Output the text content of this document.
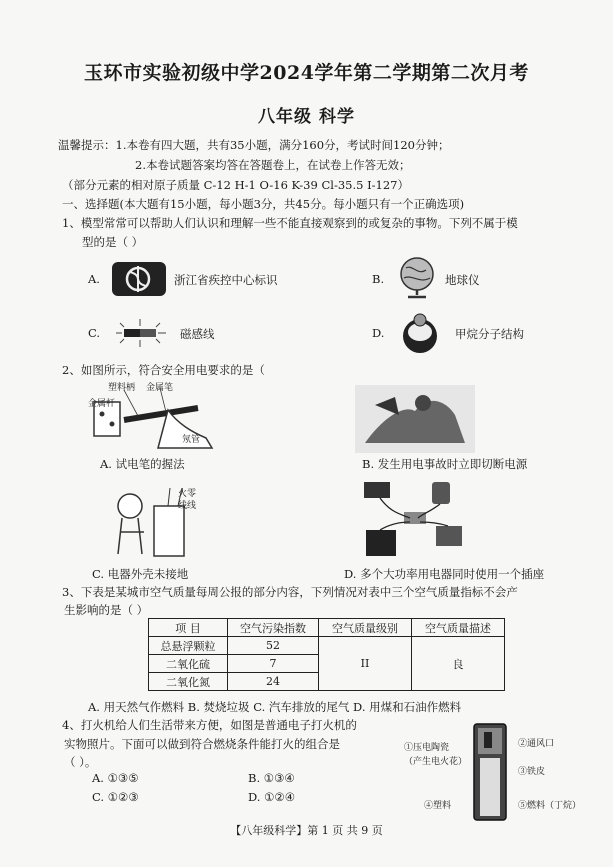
玉环市实验初级中学2024学年第二学期第二次月考
八年级 科学
温馨提示：1.本卷有四大题，共有35小题，满分160分，考试时间120分钟；
2.本卷试题答案均答在答题卷上，在试卷上作答无效；
（部分元素的相对原子质量 C-12 H-1 O-16 K-39 Cl-35.5 I-127）
一、选择题(本大题有15小题，每小题3分，共45分。每小题只有一个正确选项)
1、模型常常可以帮助人们认识和理解一些不能直接观察到的或复杂的事物。下列不属于模
型的是（ ）
A.	浙江省疾控中心标识	B.	地球仪
C.	磁感线	D.	甲烷分子结构
2、如图所示，符合安全用电要求的是（
塑料柄 金属笔
金属杆
氖管
A. 试电笔的握法	B. 发生用电事故时立即切断电源
火零
线线
C. 电器外壳未接地	D. 多个大功率用电器同时使用一个插座
3、下表是某城市空气质量每周公报的部分内容，下列情况对表中三个空气质量指标不会产
生影响的是（ ）
项 目	空气污染指数	空气质量级别	空气质量描述
总悬浮颗粒	52	II	良
二氧化硫	7		
二氧化氮	24		
A. 用天然气作燃料 B. 焚烧垃圾 C. 汽车排放的尾气 D. 用煤和石油作燃料
4、打火机给人们生活带来方便，如图是普通电子打火机的
实物照片。下面可以做到符合燃烧条件能打火的组合是
（ ）。
A. ①③⑤	B. ①③④
C. ①②③	D. ①②④
①压电陶瓷
（产生电火花）
②通风口
③铁皮
④塑料	⑤燃料（丁烷）
【八年级科学】第 1 页 共 9 页
